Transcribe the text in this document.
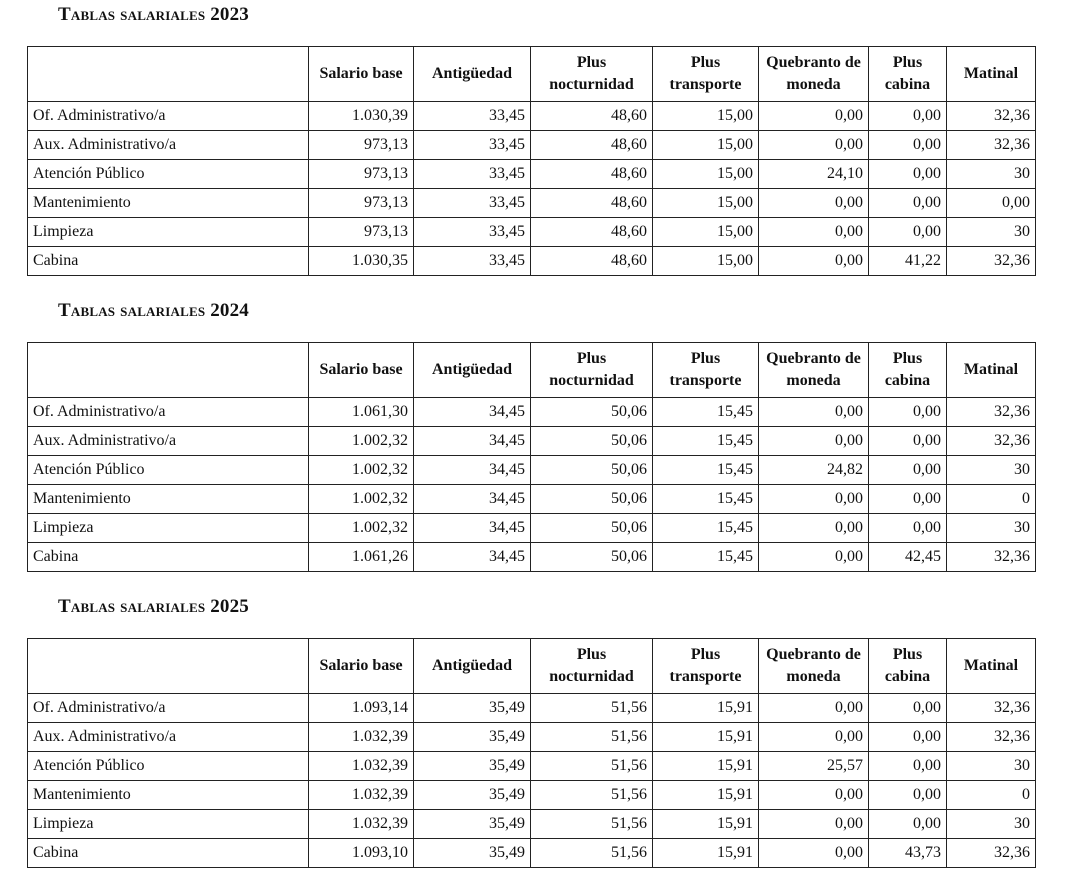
Tablas salariales 2023
	Salario base	Antigüedad	Plus nocturnidad	Plus transporte	Quebranto de moneda	Plus cabina	Matinal
Of. Administrativo/a	1.030,39	33,45	48,60	15,00	0,00	0,00	32,36
Aux. Administrativo/a	973,13	33,45	48,60	15,00	0,00	0,00	32,36
Atención Público	973,13	33,45	48,60	15,00	24,10	0,00	30
Mantenimiento	973,13	33,45	48,60	15,00	0,00	0,00	0,00
Limpieza	973,13	33,45	48,60	15,00	0,00	0,00	30
Cabina	1.030,35	33,45	48,60	15,00	0,00	41,22	32,36
Tablas salariales 2024
	Salario base	Antigüedad	Plus nocturnidad	Plus transporte	Quebranto de moneda	Plus cabina	Matinal
Of. Administrativo/a	1.061,30	34,45	50,06	15,45	0,00	0,00	32,36
Aux. Administrativo/a	1.002,32	34,45	50,06	15,45	0,00	0,00	32,36
Atención Público	1.002,32	34,45	50,06	15,45	24,82	0,00	30
Mantenimiento	1.002,32	34,45	50,06	15,45	0,00	0,00	0
Limpieza	1.002,32	34,45	50,06	15,45	0,00	0,00	30
Cabina	1.061,26	34,45	50,06	15,45	0,00	42,45	32,36
Tablas salariales 2025
	Salario base	Antigüedad	Plus nocturnidad	Plus transporte	Quebranto de moneda	Plus cabina	Matinal
Of. Administrativo/a	1.093,14	35,49	51,56	15,91	0,00	0,00	32,36
Aux. Administrativo/a	1.032,39	35,49	51,56	15,91	0,00	0,00	32,36
Atención Público	1.032,39	35,49	51,56	15,91	25,57	0,00	30
Mantenimiento	1.032,39	35,49	51,56	15,91	0,00	0,00	0
Limpieza	1.032,39	35,49	51,56	15,91	0,00	0,00	30
Cabina	1.093,10	35,49	51,56	15,91	0,00	43,73	32,36
